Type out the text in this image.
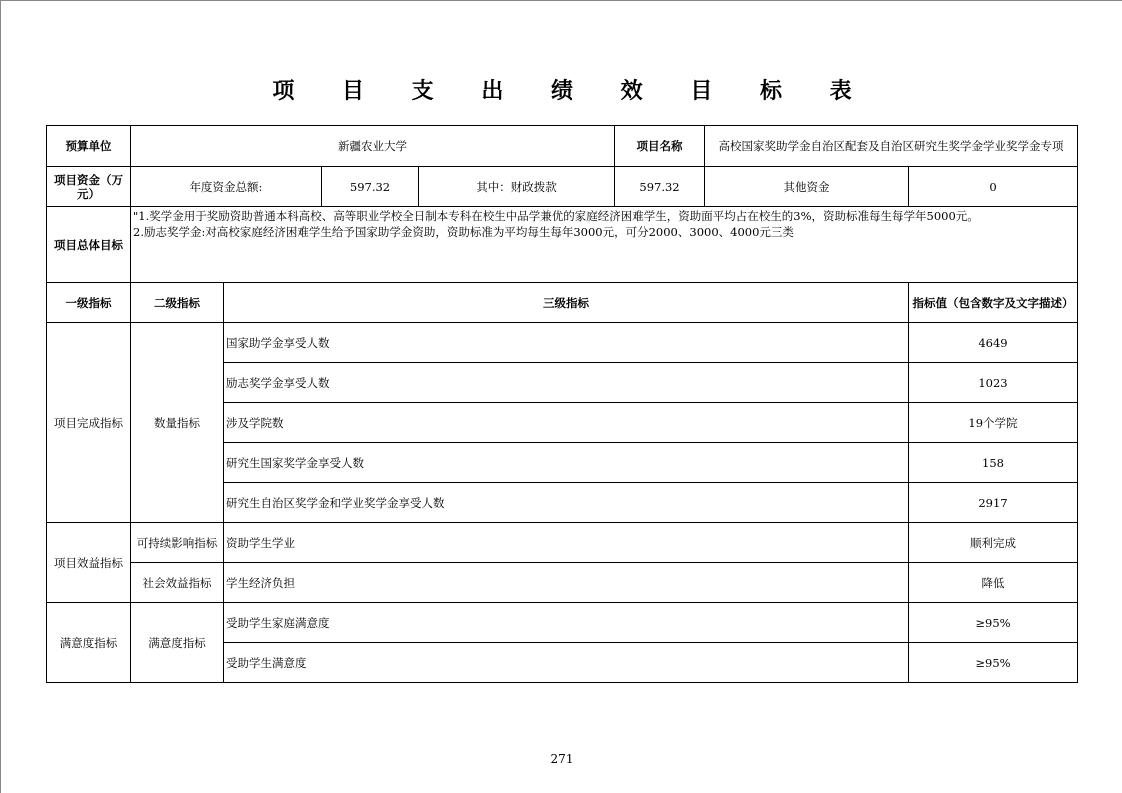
项 目 支 出 绩 效 目 标 表
预算单位	新疆农业大学				项目名称	高校国家奖助学金自治区配套及自治区研究生奖学金学业奖学金专项	
项目资金（万元）	年度资金总额:		597.32	其中：财政拨款	597.32	其他资金	0
项目总体目标	"1.奖学金用于奖励资助普通本科高校、高等职业学校全日制本专科在校生中品学兼优的家庭经济困难学生，资助面平均占在校生的3%，资助标准每生每学年5000元。
2.励志奖学金:对高校家庭经济困难学生给予国家助学金资助，资助标准为平均每生每年3000元，可分2000、3000、4000元三类						

一级指标	二级指标	三级指标					指标值（包含数字及文字描述）
项目完成指标	数量指标	国家助学金享受人数					4649
		励志奖学金享受人数					1023
		涉及学院数					19个学院
		研究生国家奖学金享受人数					158
		研究生自治区奖学金和学业奖学金享受人数					2917
项目效益指标	可持续影响指标	资助学生学业					顺利完成
	社会效益指标	学生经济负担					降低
满意度指标	满意度指标	受助学生家庭满意度					≥95%
		受助学生满意度					≥95%
271
